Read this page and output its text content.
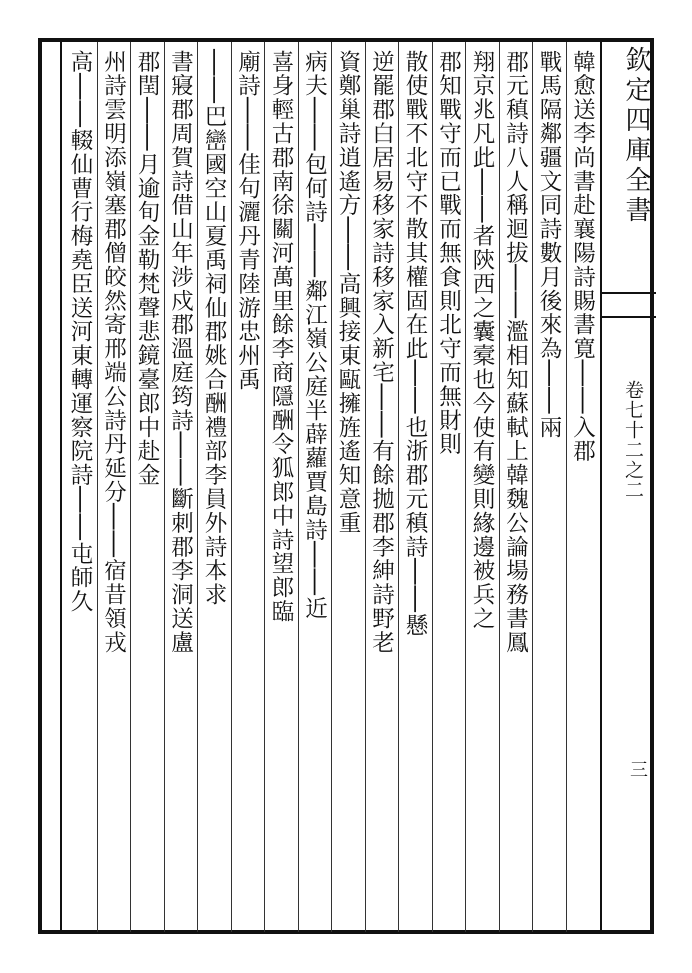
欽定四庫全書
卷七十二之二
三
韓愈送李尚書赴襄陽詩賜書寛││入郡
戰馬隔鄰疆文同詩數月後來為││兩
郡元稹詩八人稱迴拔││濫相知蘇軾上韓魏公論場務書鳳
翔京兆凡此││者陝西之囊槖也今使有變則緣邊被兵之
郡知戰守而已戰而無食則北守而無財則
散使戰不北守不散其權固在此││也浙郡元稹詩││懸
逆罷郡白居易移家詩移家入新宅││有餘拋郡李紳詩野老
資鄭巢詩逍遙方││高興接東甌擁旌遙知意重
病夫││包何詩││鄰江嶺公庭半薜蘿賈島詩││近
喜身輕古郡南徐關河萬里餘李商隱酬令狐郎中詩望郎臨
廟詩││佳句灑丹青陸游忠州禹
││巴巒國空山夏禹祠仙郡姚合酬禮部李員外詩本求
書寢郡周賀詩借山年涉戍郡溫庭筠詩││斷刺郡李洞送盧
郡閏││月逾旬金勒梵聲悲鏡臺郎中赴金
州詩雲明添嶺塞郡僧皎然寄邢端公詩丹延分││宿昔領戎
高││輟仙曹行梅堯臣送河東轉運察院詩││屯師久
